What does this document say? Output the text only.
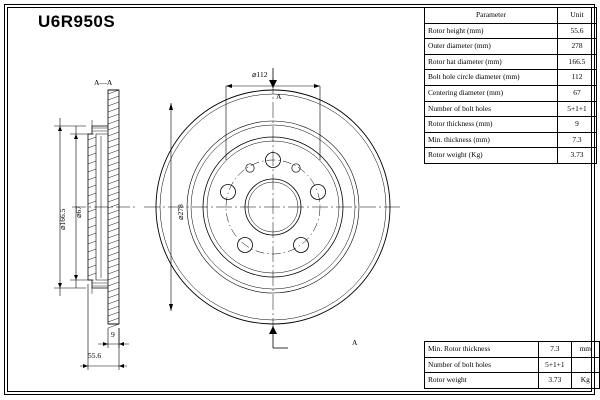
U6R950S	Parameter	Unit
Rotor height (mm)	55.6
Outer diameter (mm)	278
Rotor hat diameter (mm)	166.5
Bolt hole circle diameter (mm)	112
Centering diameter (mm)	67
Number of bolt holes	5+1+1
Rotor thickness (mm)	9
Min. thickness (mm)	7.3
Rotor weight (Kg)	3.73
Min. Rotor thickness	7.3	mm
Number of bolt holes	5+1+1	
Rotor weight	3.73	Kg
A—A
A
A
⌀112
⌀278
⌀166.5 ⌀67
9
55.6
